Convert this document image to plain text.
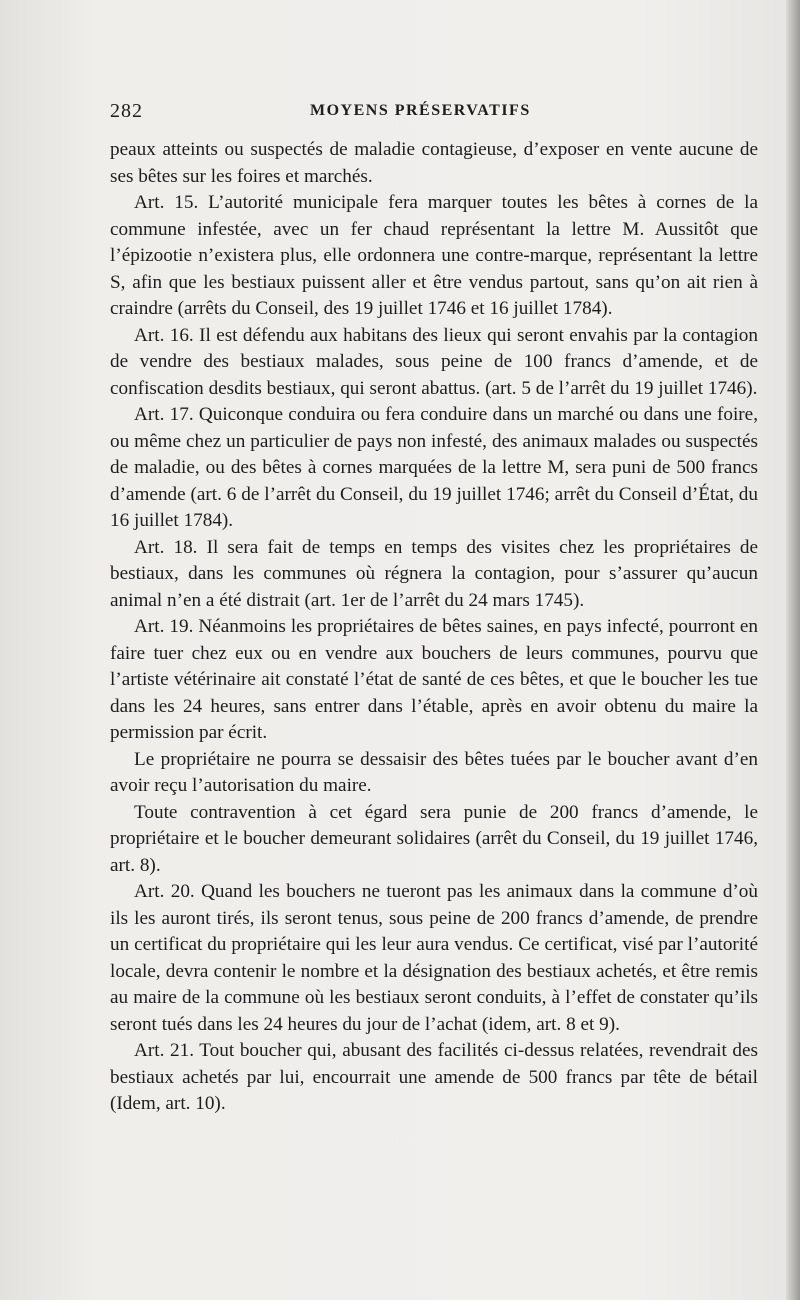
282	MOYENS PRÉSERVATIFS

peaux atteints ou suspectés de maladie contagieuse, d’exposer en vente aucune de ses bêtes sur les foires et marchés.

Art. 15. L’autorité municipale fera marquer toutes les bêtes à cornes de la commune infestée, avec un fer chaud représentant la lettre M. Aussitôt que l’épizootie n’existera plus, elle ordonnera une contre-marque, représentant la lettre S, afin que les bestiaux puissent aller et être vendus partout, sans qu’on ait rien à craindre (arrêts du Conseil, des 19 juillet 1746 et 16 juillet 1784).

Art. 16. Il est défendu aux habitans des lieux qui seront envahis par la contagion de vendre des bestiaux malades, sous peine de 100 francs d’amende, et de confiscation desdits bestiaux, qui seront abattus. (art. 5 de l’arrêt du 19 juillet 1746).

Art. 17. Quiconque conduira ou fera conduire dans un marché ou dans une foire, ou même chez un particulier de pays non infesté, des animaux malades ou suspectés de maladie, ou des bêtes à cornes marquées de la lettre M, sera puni de 500 francs d’amende (art. 6 de l’arrêt du Conseil, du 19 juillet 1746; arrêt du Conseil d’État, du 16 juillet 1784).

Art. 18. Il sera fait de temps en temps des visites chez les propriétaires de bestiaux, dans les communes où régnera la contagion, pour s’assurer qu’aucun animal n’en a été distrait (art. 1er de l’arrêt du 24 mars 1745).

Art. 19. Néanmoins les propriétaires de bêtes saines, en pays infecté, pourront en faire tuer chez eux ou en vendre aux bouchers de leurs communes, pourvu que l’artiste vétérinaire ait constaté l’état de santé de ces bêtes, et que le boucher les tue dans les 24 heures, sans entrer dans l’étable, après en avoir obtenu du maire la permission par écrit.

Le propriétaire ne pourra se dessaisir des bêtes tuées par le boucher avant d’en avoir reçu l’autorisation du maire.

Toute contravention à cet égard sera punie de 200 francs d’amende, le propriétaire et le boucher demeurant solidaires (arrêt du Conseil, du 19 juillet 1746, art. 8).

Art. 20. Quand les bouchers ne tueront pas les animaux dans la commune d’où ils les auront tirés, ils seront tenus, sous peine de 200 francs d’amende, de prendre un certificat du propriétaire qui les leur aura vendus. Ce certificat, visé par l’autorité locale, devra contenir le nombre et la désignation des bestiaux achetés, et être remis au maire de la commune où les bestiaux seront conduits, à l’effet de constater qu’ils seront tués dans les 24 heures du jour de l’achat (idem, art. 8 et 9).

Art. 21. Tout boucher qui, abusant des facilités ci-dessus relatées, revendrait des bestiaux achetés par lui, encourrait une amende de 500 francs par tête de bétail (Idem, art. 10).
